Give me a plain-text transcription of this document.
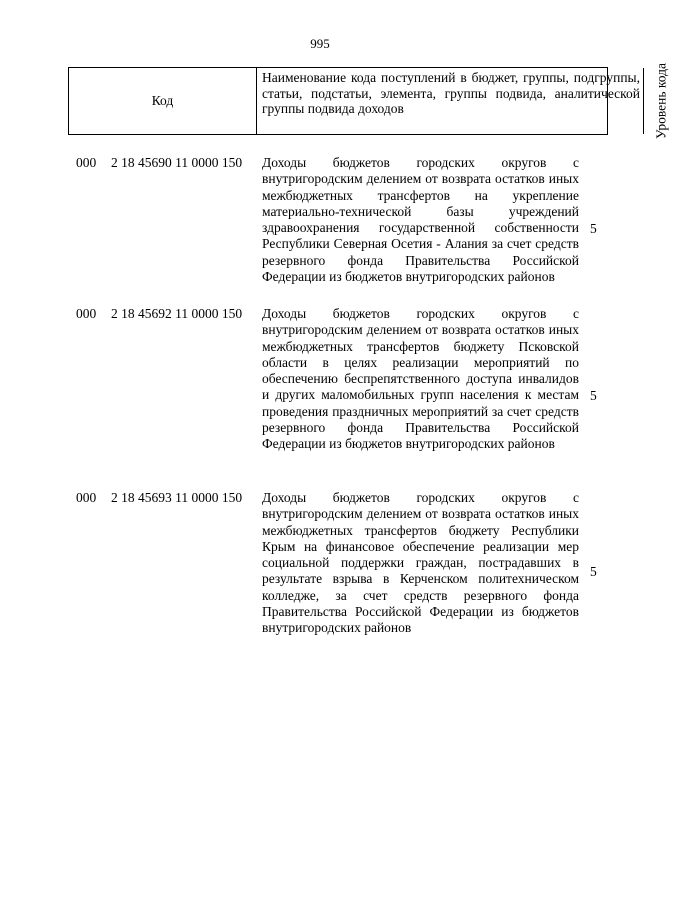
995
Код
Наименование кода поступлений в бюджет, группы, подгруппы, статьи, подстатьи, элемента, группы подвида, аналитической группы подвида доходов	Уровень кода
000 2 18 45690 11 0000 150 Доходы бюджетов городских округов с внутригородским делением от возврата остатков иных межбюджетных трансфертов на укрепление материально-технической базы учреждений здравоохранения государственной собственности Республики Северная Осетия - Алания за счет средств резервного фонда Правительства Российской Федерации из бюджетов внутригородских районов
5
000 2 18 45692 11 0000 150 Доходы бюджетов городских округов с внутригородским делением от возврата остатков иных межбюджетных трансфертов бюджету Псковской области в целях реализации мероприятий по обеспечению беспрепятственного доступа инвалидов и других маломобильных групп населения к местам проведения праздничных мероприятий за счет средств резервного фонда Правительства Российской Федерации из бюджетов внутригородских районов
5
000 2 18 45693 11 0000 150 Доходы бюджетов городских округов с внутригородским делением от возврата остатков иных межбюджетных трансфертов бюджету Республики Крым на финансовое обеспечение реализации мер социальной поддержки граждан, пострадавших в результате взрыва в Керченском политехническом колледже, за счет средств резервного фонда Правительства Российской Федерации из бюджетов внутригородских районов
5
